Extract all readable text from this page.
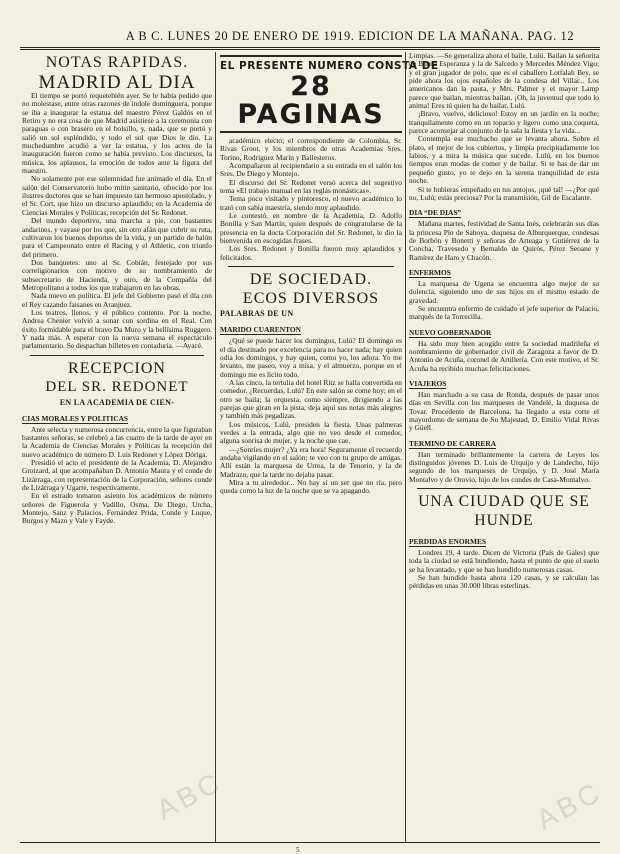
A B C. LUNES 20 DE ENERO DE 1919. EDICION DE LA MAÑANA. PAG. 12
NOTAS RAPIDAS.
MADRID AL DIA

El tiempo se portó requetebién ayer. Se le había pedido que no molestase, entre otras razones de índole dominguera, porque se iba a inaugurar la estatua del maestro Pérez Galdós en el Retiro y no era cosa de que Madrid asistiese a la ceremonia con paraguas o con brasero en el bolsillo, y, nada, que se portó y salió un sol espléndido, y todo el sol que Dios le dio. La muchedumbre acudió a ver la estatua, y los actos de la inauguración fueron como se había previsto. Los discursos, la música, los aplausos, la emoción de todos ante la figura del maestro.

No solamente por ese solemnidad fue animado el día. En el salón del Conservatorio hubo mitin sanitario, ofrecido por los ilustres doctores que se han impuesto tan hermoso apostolado, y el Sr. Cort, que hizo un discurso aplaudido; en la Academia de Ciencias Morales y Políticas, recepción del Sr. Redonet.

Del mundo deportivo, una marcha a pie, con bastantes andarines, y vayase por los que, sin otro afán que cubrir su ruta, cultivaron los buenos deportes de la vida, y un partido de balón para el Campeonato entre el Racing y el Athletic, con triunfo del primero.

Dos banquetes: uno al Sr. Cobián, festejado por sus correligionarios con motivo de su nombramiento de subsecretario de Hacienda, y otro, de la Compañía del Metropolitano a todos los que trabajaron en las obras.

Nada nuevo en política. El jefe del Gobierno pasó el día con el Rey cazando faisanes en Aranjuez.

Los teatros, llenos, y el público contento. Por la noche, Andrea Chenier volvió a sonar con sordina en el Real. Con éxito formidable para el bravo Da Muro y la bellísima Ruggero. Y nada más. A esperar con la nueva semana el espectáculo parlamentario. Se despachan billetes en contaduría. —Ayacé.

RECEPCION
DEL SR. REDONET
EN LA ACADEMIA DE CIEN-
CIAS MORALES Y POLITICAS

Ante selecta y numerosa concurrencia, entre la que figuraban bastantes señoras, se celebró a las cuatro de la tarde de ayer en la Academia de Ciencias Morales y Políticas la recepción del nuevo académico de número D. Luis Redonet y López Dóriga.

Presidió el acto el presidente de la Academia, D. Alejandro Groizard, al que acompañaban D. Antonio Maura y el conde de Lizárraga, con representación de la Corporación, señores conde de Lizárraga y Ugarte, respectivamente.

En el estrado tomaron asiento los académicos de número señores de Figuerola y Vadillo, Osma, De Diego, Urcha, Montejo, Sanz y Palacios, Fernández Prida, Conde y Luque, Burgos y Mazo y Vale y Fayde.

EL PRESENTE NUMERO CONSTA DE
28 PAGINAS

académico electo; el correspondiente de Colombia, Sr. Rivas Groot, y los miembros de otras Academias Sres. Torino, Rodríguez Marín y Ballesteros.

Acompañaron al recipiendario a su entrada en el salón los Sres. De Diego y Montejo.

El discurso del Sr. Redonet versó acerca del sugestivo tema «El trabajo manual en las reglas monásticas».

Tema poco visitado y pintoresco, el nuevo académico lo trató con sabia maestría, siendo muy aplaudido.

Le contestó, en nombre de la Academia, D. Adolfo Bonilla y San Martín, quien después de congratularse de la presencia en la docta Corporación del Sr. Redonet, le dio la bienvenida en escogidas frases.

Los Sres. Redonet y Bonilla fueron muy aplaudidos y felicitados.

DE SOCIEDAD.
ECOS DIVERSOS
PALABRAS DE UN
MARIDO CUARENTON

¿Qué se puede hacer los domingos, Lulú? El domingo es el día destinado por excelencia para no hacer nada; hay quien odia los domingos, y hay quien, como yo, los adora. Yo me levanto, me paseo, voy a misa, y el almuerzo, porque en el domingo me es lícito todo.

A las cinco, la tertulia del hotel Ritz se halla convertida en comedor. ¿Recuerdas, Lulú? En este salón se come hoy; en el otro se baila; la orquesta, como siempre, dirigiendo a las parejas que giran en la pista, deja aquí sus notas más alegres y también más pegadizas.

Los músicos, Lulú, presiden la fiesta. Unas palmeras verdes a la entrada, algo que no veo desde el comedor, alguna sonrisa de mujer, y la noche que cae.

—¿Sonríes mujer? ¿Ya era hora! Seguramente el recuerdo andaba vigilando en el salón; te veo con tu grupo de amigas. Allí están la marquesa de Urrea, la de Tenorio, y la de Madrazo, que la tarde no dejaba pasar.

Mira a tu alrededor... No hay sí un ser que no ría, pero queda como la luz de la noche que se va apagando.

Limpias. —Se generaliza ahora el baile, Lulú. Bailan la señorita de Buena Esperanza y la de Salcedo y Mercedes Méndez Vigo; y el gran jugador de polo, que es el caballero Lotfalah Bey, se pide ahora los ojos españoles de la condesa del Villar... Los americanos dan la pauta, y Mrs. Palmer y el mayor Lamp parece que bailan, mientras bailan. ¡Oh, la juventud que todo lo anima! Eres tú quien ha de bailar, Lulú.

¡Bravo, vuelvo, delicioso! Estoy en un jardín en la noche; tranquilamente como en un topacio y ligero como una coqueta, parece aconsejar al conjunto de la sala la fiesta y la vida...

Contempla ese muchacho que se levanta ahora. Sobre el plato, el mejor de los cubiertos, y limpia precipitadamente los labios, y a mira la música que sucede. Lulú, en los buenos tiempos eran modas de comer y de bailar. Si te has de dar un pequeño gusto, yo te dejo en la serena tranquilidad de esta noche.

Si te hubieras empeñado en tus antojos, ¡qué tal! —¿Por qué no, Lulú; estás preciosa? Por la transmisión, Gil de Escalante.

DIA “DE DIAS”

Mañana martes, festividad de Santa Inés, celebrarán sus días la princesa Pío de Saboya, duquesa de Alburquerque, condesas de Borbón y Bonetti y señoras de Arteaga y Gutiérrez de la Concha, Travesedo y Bernaldo de Quirós, Pérez Seoane y Ramírez de Haro y Chacón.

ENFERMOS

La marquesa de Ugena se encuentra algo mejor de su dolencia, siguiendo uno de sus hijos en el mismo estado de gravedad.

Se encuentra enfermo de cuidado el jefe superior de Palacio, marqués de la Torrecilla.

NUEVO GOBERNADOR

Ha sido muy bien acogido entre la sociedad madrileña el nombramiento de gobernador civil de Zaragoza a favor de D. Antonio de Acuña, coronel de Artillería. Con este motivo, el Sr. Acuña ha recibido muchas felicitaciones.

VIAJEROS

Han marchado a su casa de Ronda, después de pasar unos días en Sevilla con los marqueses de Vandelé, la duquesa de Tovar. Procedente de Barcelona, ha llegado a esta corte el mayordomo de semana de Su Majestad, D. Emilio Vidal Rivas y Güell.

TERMINO DE CARRERA

Han terminado brillantemente la carrera de Leyes los distinguidos jóvenes D. Luis de Urquijo y de Landecho, hijo segundo de los marqueses de Urquijo, y D. José María Montalvo y de Orovio, hijo de los condes de Casa-Montalvo.

UNA CIUDAD QUE SE
HUNDE
PERDIDAS ENORMES

Londres 19, 4 tarde. Dicen de Victoria (País de Gales) que toda la ciudad se está hundiendo, hasta el punto de que el suelo se ha levantado, y que se han hundido numerosas casas.

Se han hundido hasta ahora 120 casas, y se calculan las pérdidas en unas 30.000 libras esterlinas.

5
ABC	ABC
